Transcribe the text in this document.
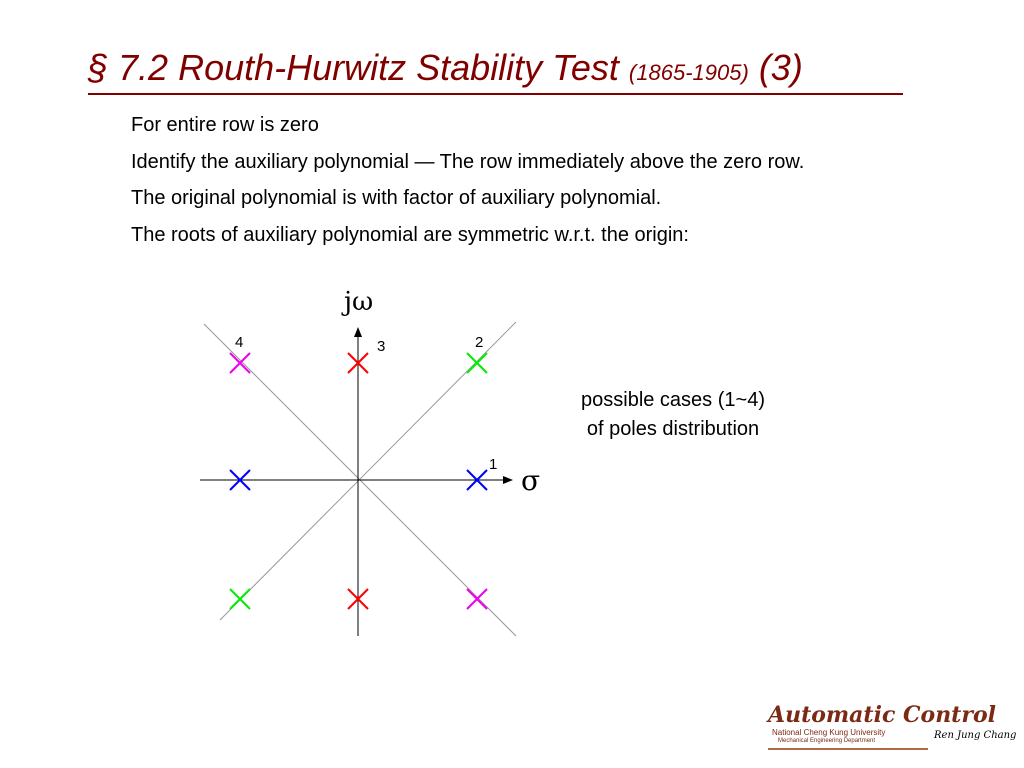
§ 7.2 Routh-Hurwitz Stability Test (1865-1905) (3)
For entire row is zero
Identify the auxiliary polynomial — The row immediately above the zero row.
The original polynomial is with factor of auxiliary polynomial.
The roots of auxiliary polynomial are symmetric w.r.t. the origin:
jω
σ
1
2
3
4
possible cases (1~4)
of poles distribution
Automatic Control
National Cheng Kung University
Mechanical Engineering Department	Ren Jung Chang
